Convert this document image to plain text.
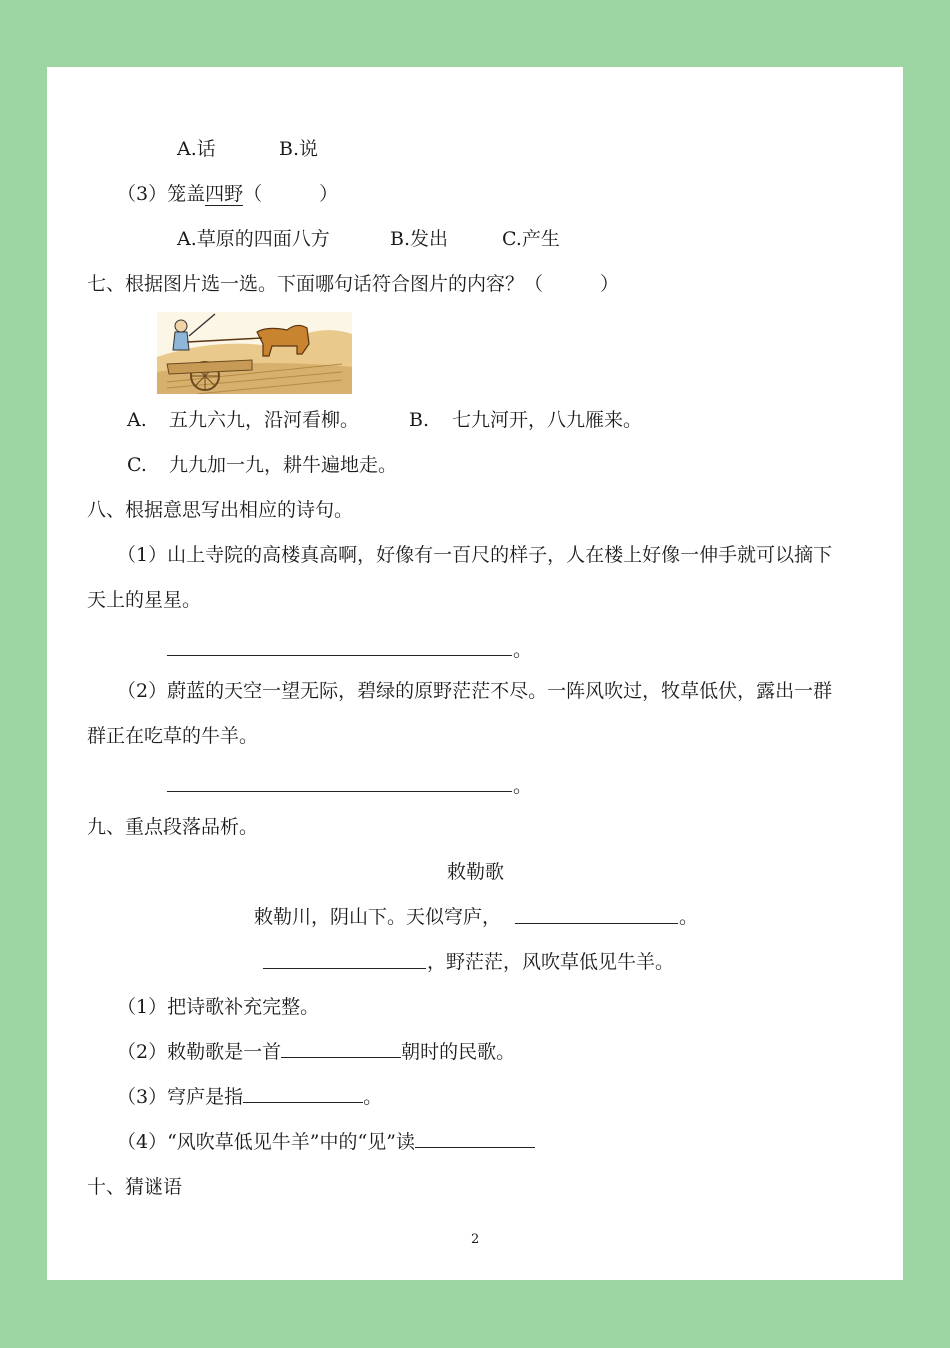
A.话	B.说
（3）笼盖四野（　　　）
A.草原的四面八方	B.发出	C.产生
七、根据图片选一选。下面哪句话符合图片的内容？（　　　）
A. 五九六九，沿河看柳。	B. 七九河开，八九雁来。
C. 九九加一九，耕牛遍地走。
八、根据意思写出相应的诗句。
（1）山上寺院的高楼真高啊，好像有一百尺的样子，人在楼上好像一伸手就可以摘下
天上的星星。
。
（2）蔚蓝的天空一望无际，碧绿的原野茫茫不尽。一阵风吹过，牧草低伏，露出一群
群正在吃草的牛羊。
。
九、重点段落品析。
敕勒歌
敕勒川，阴山下。天似穹庐，	。
，野茫茫，风吹草低见牛羊。
（1）把诗歌补充完整。
（2）敕勒歌是一首	朝时的民歌。
（3）穹庐是指	。
（4）“风吹草低见牛羊”中的“见”读
十、猜谜语
2
